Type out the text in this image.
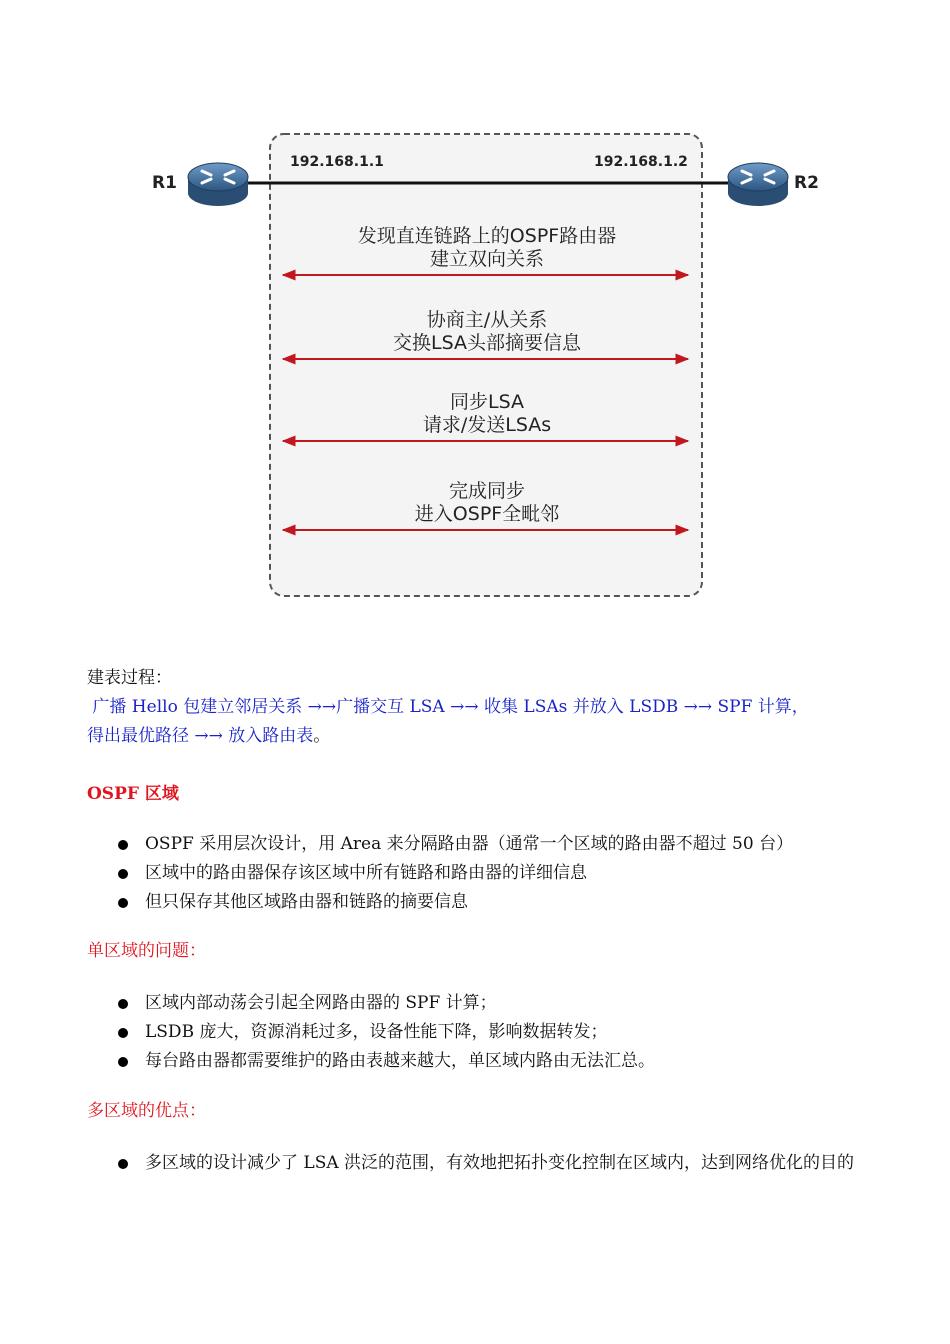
R1	R2
192.168.1.1	192.168.1.2
发现直连链路上的OSPF路由器
建立双向关系
协商主/从关系
交换LSA头部摘要信息
同步LSA
请求/发送LSAs
完成同步
进入OSPF全毗邻
建表过程：
广播 Hello 包建立邻居关系 →→广播交互 LSA →→ 收集 LSAs 并放入 LSDB →→ SPF 计算，
得出最优路径 →→ 放入路由表。
OSPF 区域
OSPF 采用层次设计，用 Area 来分隔路由器（通常一个区域的路由器不超过 50 台）
区域中的路由器保存该区域中所有链路和路由器的详细信息
但只保存其他区域路由器和链路的摘要信息
单区域的问题：
区域内部动荡会引起全网路由器的 SPF 计算；
LSDB 庞大，资源消耗过多，设备性能下降，影响数据转发；
每台路由器都需要维护的路由表越来越大，单区域内路由无法汇总。
多区域的优点：
多区域的设计减少了 LSA 洪泛的范围，有效地把拓扑变化控制在区域内，达到网络优化的目的
